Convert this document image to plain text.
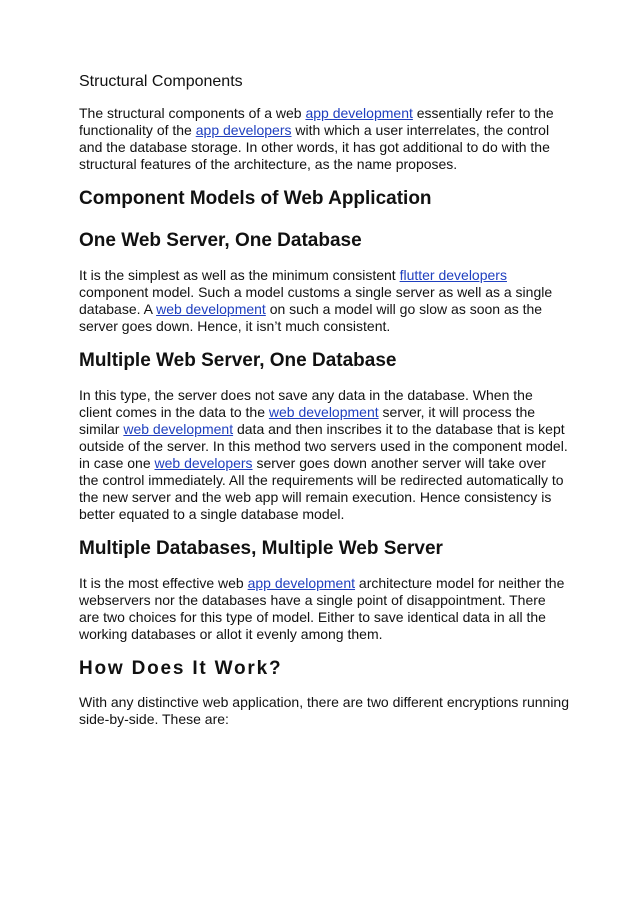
Structural Components

The structural components of a web app development essentially refer to the functionality of the app developers with which a user interrelates, the control and the database storage. In other words, it has got additional to do with the structural features of the architecture, as the name proposes.

Component Models of Web Application
One Web Server, One Database

It is the simplest as well as the minimum consistent flutter developers component model. Such a model customs a single server as well as a single database. A web development on such a model will go slow as soon as the server goes down. Hence, it isn’t much consistent.

Multiple Web Server, One Database

In this type, the server does not save any data in the database. When the client comes in the data to the web development server, it will process the similar web development data and then inscribes it to the database that is kept outside of the server. In this method two servers used in the component model. in case one web developers server goes down another server will take over the control immediately. All the requirements will be redirected automatically to the new server and the web app will remain execution. Hence consistency is better equated to a single database model.

Multiple Databases, Multiple Web Server

It is the most effective web app development architecture model for neither the webservers nor the databases have a single point of disappointment. There are two choices for this type of model. Either to save identical data in all the working databases or allot it evenly among them.

How Does It Work?

With any distinctive web application, there are two different encryptions running side-by-side. These are:
